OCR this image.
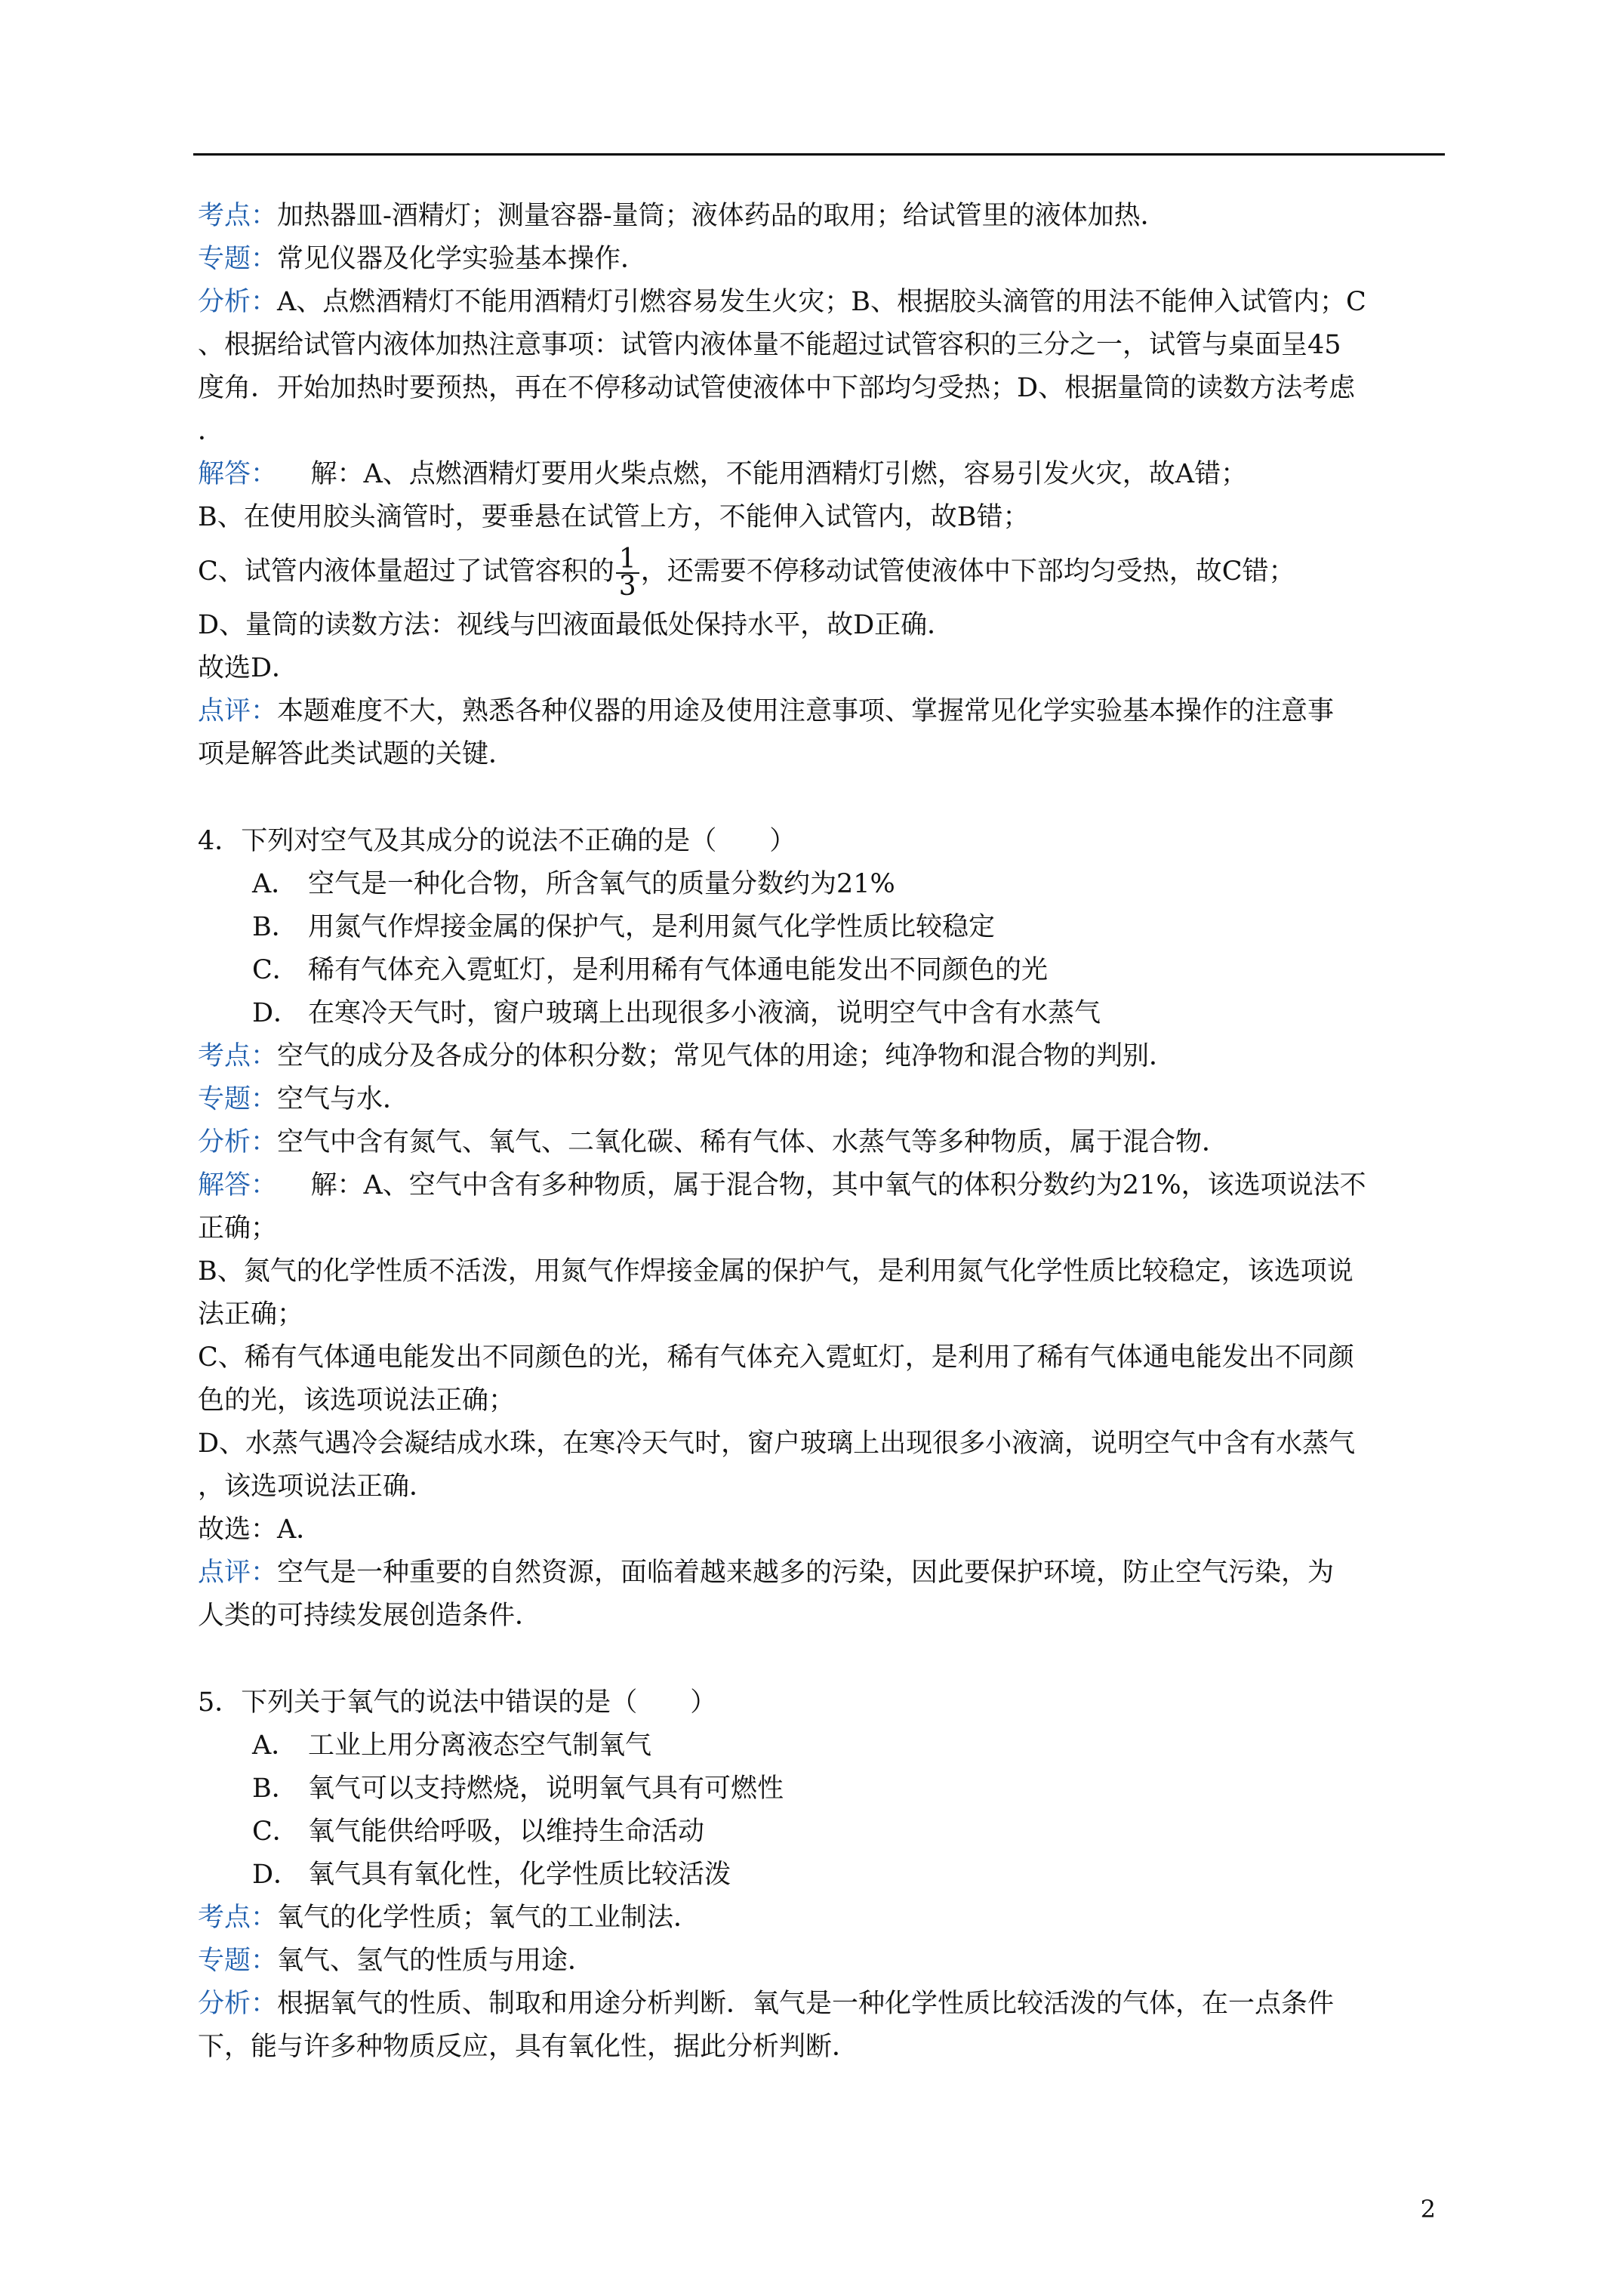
考点：加热器皿-酒精灯；测量容器-量筒；液体药品的取用；给试管里的液体加热．

专题：常见仪器及化学实验基本操作．

分析：A、点燃酒精灯不能用酒精灯引燃容易发生火灾；B、根据胶头滴管的用法不能伸入试管内；C

、根据给试管内液体加热注意事项：试管内液体量不能超过试管容积的三分之一，试管与桌面呈45

度角．开始加热时要预热，再在不停移动试管使液体中下部均匀受热；D、根据量筒的读数方法考虑

．

解答： 解：A、点燃酒精灯要用火柴点燃，不能用酒精灯引燃，容易引发火灾，故A错；

B、在使用胶头滴管时，要垂悬在试管上方，不能伸入试管内，故B错；

C、试管内液体量超过了试管容积的 $\frac{1}{3}$ ，还需要不停移动试管使液体中下部均匀受热，故C错；

D、量筒的读数方法：视线与凹液面最低处保持水平，故D正确．

故选D．

点评：本题难度不大，熟悉各种仪器的用途及使用注意事项、掌握常见化学实验基本操作的注意事

项是解答此类试题的关键．

4．下列对空气及其成分的说法不正确的是（　　）

A． 空气是一种化合物，所含氧气的质量分数约为21%

B． 用氮气作焊接金属的保护气，是利用氮气化学性质比较稳定

C． 稀有气体充入霓虹灯，是利用稀有气体通电能发出不同颜色的光

D． 在寒冷天气时，窗户玻璃上出现很多小液滴，说明空气中含有水蒸气

考点：空气的成分及各成分的体积分数；常见气体的用途；纯净物和混合物的判别．

专题：空气与水．

分析：空气中含有氮气、氧气、二氧化碳、稀有气体、水蒸气等多种物质，属于混合物．

解答： 解：A、空气中含有多种物质，属于混合物，其中氧气的体积分数约为21%，该选项说法不

正确；

B、氮气的化学性质不活泼，用氮气作焊接金属的保护气，是利用氮气化学性质比较稳定，该选项说

法正确；

C、稀有气体通电能发出不同颜色的光，稀有气体充入霓虹灯，是利用了稀有气体通电能发出不同颜

色的光，该选项说法正确；

D、水蒸气遇冷会凝结成水珠，在寒冷天气时，窗户玻璃上出现很多小液滴，说明空气中含有水蒸气

，该选项说法正确．

故选：A．

点评：空气是一种重要的自然资源，面临着越来越多的污染，因此要保护环境，防止空气污染，为

人类的可持续发展创造条件．

5．下列关于氧气的说法中错误的是（　　）

A． 工业上用分离液态空气制氧气

B． 氧气可以支持燃烧，说明氧气具有可燃性

C． 氧气能供给呼吸，以维持生命活动

D． 氧气具有氧化性，化学性质比较活泼

考点：氧气的化学性质；氧气的工业制法．

专题：氧气、氢气的性质与用途．

分析：根据氧气的性质、制取和用途分析判断．氧气是一种化学性质比较活泼的气体，在一点条件

下，能与许多种物质反应，具有氧化性，据此分析判断．

2
